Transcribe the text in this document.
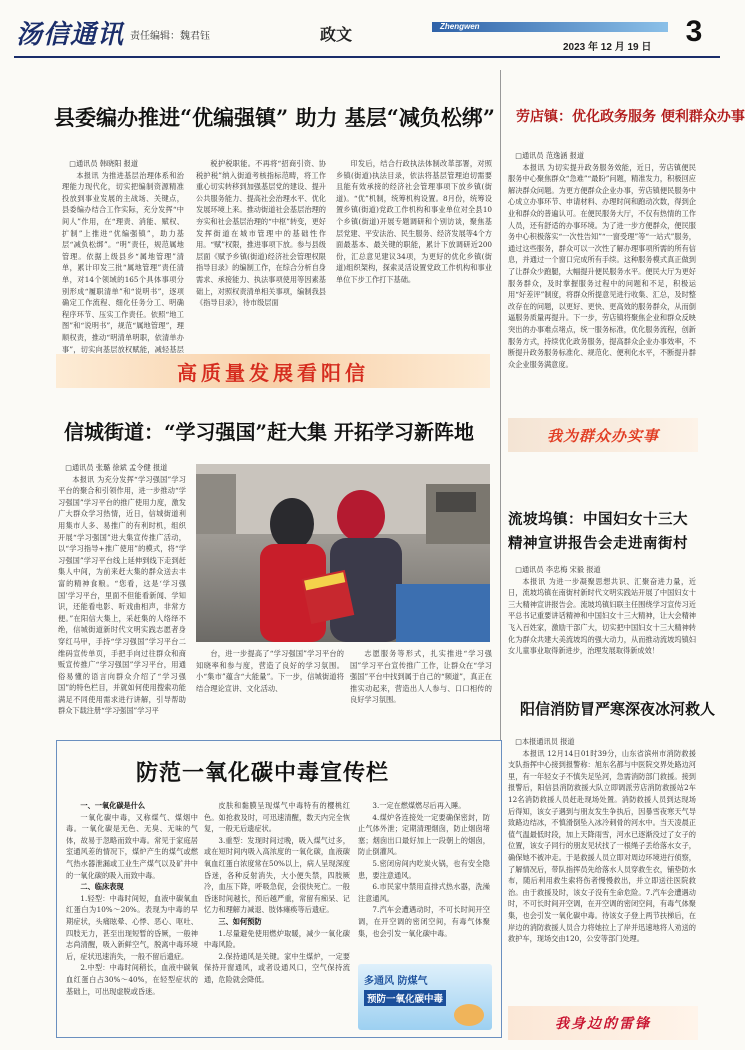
汤信通讯 责任编辑：魏君钰	政文	Zhengwen
2023 年 12 月 19 日	3
县委编办推进“优编强镇” 助力 基层“减负松绑”

□通讯员 韩晓阳 报道

本报讯 为推进基层治理体系和治理能力现代化，切实把编制资源精准投放到事业发展的主战场、关键点，县委编办结合工作实际，充分发挥“中间人”作用，在“理责、消能、赋权、扩制”上推进“优编强镇”，助力基层“减负松绑”。“明”责任，规范属地管理。依据上级县乡“属地管理”清单，累计印发三批“属地管理”责任清单，对14个领域的165个具体事项分别形成“履职清单”和“说明书”，逐项确定工作流程、细化任务分工、明确程序环节、压实工作责任。依照“地工图”和“说明书”，规范“属地管理”，理顺权责，推动“明清单明职，依清单办事”，切实向基层放权赋能，减轻基层

税护税职能。不再将“招商引资、协税护税”纳入街道考核指标范畴，将工作重心切实转移到加强基层党的建设、提升公共服务能力、提高社会治理水平、优化发展环境上来。推动街道社会基层治理的夯实和社会基层治理的“中枢”转变，更好发挥街道在城市管理中的基础性作用。“赋”权限，推进事项下放。参与县级层面《赋予乡镇(街道)经济社会管理权限指导目录》的编制工作，在综合分析自身需求、承接能力、执法事项使用等因素基础上，对照权责清单相关事项，编制我县《指导目录》，待市级层面

印发后，结合行政执法体制改革部署，对照乡镇(街道)执法目录，依法将基层管理迫切需要且能有效承接的经济社会管理事项下放乡镇(街道)。“优”机制，统筹机构设置。8月份，统筹设置乡镇(街道)党政工作机构和事业单位对全县10个乡镇(街道)开展专题调研和个别访谈，聚焦基层党建、平安法治、民生服务、经济发展等4个方面最基本、最关键的职能，累计下放调研近200份，汇总意见建议34项，为更好的优化乡镇(街道)组织架构，探索灵活设置党政工作机构和事业单位下步工作打下基础。

高质量发展看阳信
信城街道：“学习强国”赶大集 开拓学习新阵地

□通讯员 张璐 徐斌 孟令健 报道

本报讯 为充分发挥“学习强国”学习平台的聚合和引领作用，进一步推动“学习强国”学习平台的推广使用力度，激发广大群众学习热情，近日，信城街道利用集市人多、易推广的有利时机，组织开展“学习强国”进大集宣传推广活动，以“学习指导+推广使用”的模式，将“学习强国”学习平台线上延伸到线下走到赶集人中间，为前来赶大集的群众送去丰富的精神食粮。“您看，这是‘学习强国’学习平台，里面不但能看新闻、学知识，还能看电影、听戏曲相声，非常方便。”在阳信大集上，采赶集的人络绎不绝，信城街道新时代文明实践志愿者身穿红马甲，手持“学习强国”学习平台二维码宣传单页，手把手向过往群众和商贩宣传推广“学习强国”学习平台，用通俗易懂的语言向群众介绍了“学习强国”的特色栏目，并就如何使用搜索功能满足不同使用需求进行讲解，引导帮助群众下载注册“学习强国”学习平

台，进一步提高了“学习强国”学习平台的知晓率和参与度，营造了良好的学习氛围。小“集市”蕴含“大能量”。下一步，信城街道将结合理论宣讲、文化活动、

志愿服务等形式，扎实推进“学习强国”学习平台宣传推广工作，让群众在“学习强国”平台中找到属于自己的“频道”，真正在推实动起来，营造出人人参与、口口相传的良好学习氛围。

劳店镇：优化政务服务 便利群众办事

□通讯员 范逸涵 报道

本报讯 为切实提升政务服务效能，近日，劳店镇便民服务中心聚焦群众“急难”“最盼”问题，精准发力，积极回应解决群众问题。为更方便群众企业办事，劳店镇便民服务中心成立办事环节、申请材料、办理时间和跑动次数，得到企业和群众的普遍认可。在便民服务大厅，不仅有热情的工作人员，还有舒适的办事环境。为了进一步方便群众，便民服务中心积极落实“一次性告知”“一窗受理”等“一站式”服务，通过这些服务，群众可以一次性了解办理事项所需的所有信息，并通过一个窗口完成所有手续。这种服务模式真正做到了让群众少跑腿，大幅提升便民服务水平。便民大厅为更好服务群众，及时掌握服务过程中的问题和不足，积极运用“好差评”制度，将群众所提意见进行收集、汇总，及时整改存在的问题，以更好、更快、更高效的服务群众，从而倒逼服务质量再提升。下一步，劳店镇将聚焦企业和群众反映突出的办事难点堵点，统一服务标准，优化服务流程，创新服务方式，持续优化政务服务，提高群众企业办事效率，不断提升政务服务标准化、规范化、便利化水平，不断提升群众企业服务满意度。

我为群众办实事
流坡坞镇：中国妇女十三大精神宣讲报告会走进南街村

□通讯员 李忠梅 宋毅 报道

本报讯 为进一步凝聚思想共识、汇聚奋进力量，近日，流坡坞镇在南街村新时代文明实践站开展了中国妇女十三大精神宣讲报告会。流坡坞镇妇联主任围绕学习宣传习近平总书记重要讲话精神和中国妇女十三大精神，让大会精神飞入百姓家，激励干部广大，切实把中国妇女十三大精神转化为群众共建大美流坡坞的强大动力，从而推动流坡坞镇妇女儿童事业取得新进步，治理发展取得新成效！

阳信消防冒严寒深夜冰河救人

□本报通讯员 报道

本报讯 12月14日01时39分，山东省滨州市消防救援支队指挥中心接到报警称：旭东名都与中医院交界处路边河里，有一年轻女子不慎失足坠河，急需消防部门救援。接到报警后，阳信县消防救援大队立即调派劳店消防救援站2车12名消防救援人员赶赴现场处置。消防救援人员到达现场后得知，该女子遇到与朋友发生争执后，因暴雪夜寒天气导致路边结冰，不慎滑倒坠入冰冷刺骨的河水中。当天凌晨正值气温最低时段，加上天降雨雪，河水已逐渐没过了女子的位置，该女子同行的朋友见状找了一根绳子丢给落水女子，确保她不被冲走。于是救援人员立即对周边环境进行侦察，了解情况后，带队指挥员先给落水人员穿救生衣，铺垫防水布，随后利用救生索将伤者慢慢救出，并立即送往医院救治。由于救援及时，该女子没有生命危险。7.汽车会遭遇动时，不可长时间开空调，在开空调的密闭空间，有毒气体聚集，也会引发一氧化碳中毒。待该女子登上两节扶梯后，在岸边的消防救援人员合力将她拉上了岸并迅速地将人劝送的救护车，现场交由120，公安等部门处理。

我身边的雷锋
防范一氧化碳中毒宣传栏

一、一氧化碳是什么

一氧化碳中毒，又称煤气、煤烟中毒。一氧化碳是无色、无臭、无味的气体，故易于忽略而致中毒。常见于家庭居室通风差的情况下，煤炉产生的煤气或燃气热水器泄漏或工业生产煤气以及矿井中的一氧化碳的吸入而致中毒。

二、临床表现

1.轻型：中毒时间短，血液中碳氧血红蛋白为10%～20%。表现为中毒的早期症状，头痛眩晕、心悸、恶心、呕吐、四肢无力，甚至出现短暂的昏厥，一般神志尚清醒，吸入新鲜空气，脱离中毒环境后，症状迅速消失，一般不留后遗症。

2.中型：中毒时间稍长，血液中碳氧血红蛋白占30%～40%，在轻型症状的基础上，可出现虚脱或昏迷。

皮肤和黏膜呈现煤气中毒特有的樱桃红色。如抢救及时，可迅速清醒，数天内完全恢复，一般无后遗症状。

3.重型：发现时间过晚，吸入煤气过多，或在短时间内吸入高浓度的一氧化碳，血液碳氧血红蛋白浓度常在50%以上，病人呈现深度昏迷，各种反射消失，大小便失禁，四肢厥冷，血压下降，呼吸急促，会很快死亡。一般昏迷时间越长，预后越严重，常留有痴呆、记忆力和理解力减退、肢体瘫痪等后遗症。

三、如何预防

1.尽量避免使用燃炉取暖，减少一氧化碳中毒风险。

2.保持通风是关键。家中生煤炉，一定要保持开窗通风，或者设通风口，空气保持流通，危险就会降低。

3.一定在燃煤燃尽后再入睡。

4.煤炉各连接处一定要确保密封，防止气体外泄；定期清理烟囱，防止烟囱堵塞；烟囱出口最好加上一段朝上的烟囱，防止倒灌风。

5.密闭房间内吃炭火锅，也有安全隐患，要注意通风。

6.市民家中禁用直排式热水器，洗澡注意通风。

7.汽车会遭遇动时，不可长时间开空调，在开空调的密闭空间，有毒气体聚集，也会引发一氧化碳中毒。

多通风 防煤气
预防一氧化碳中毒
